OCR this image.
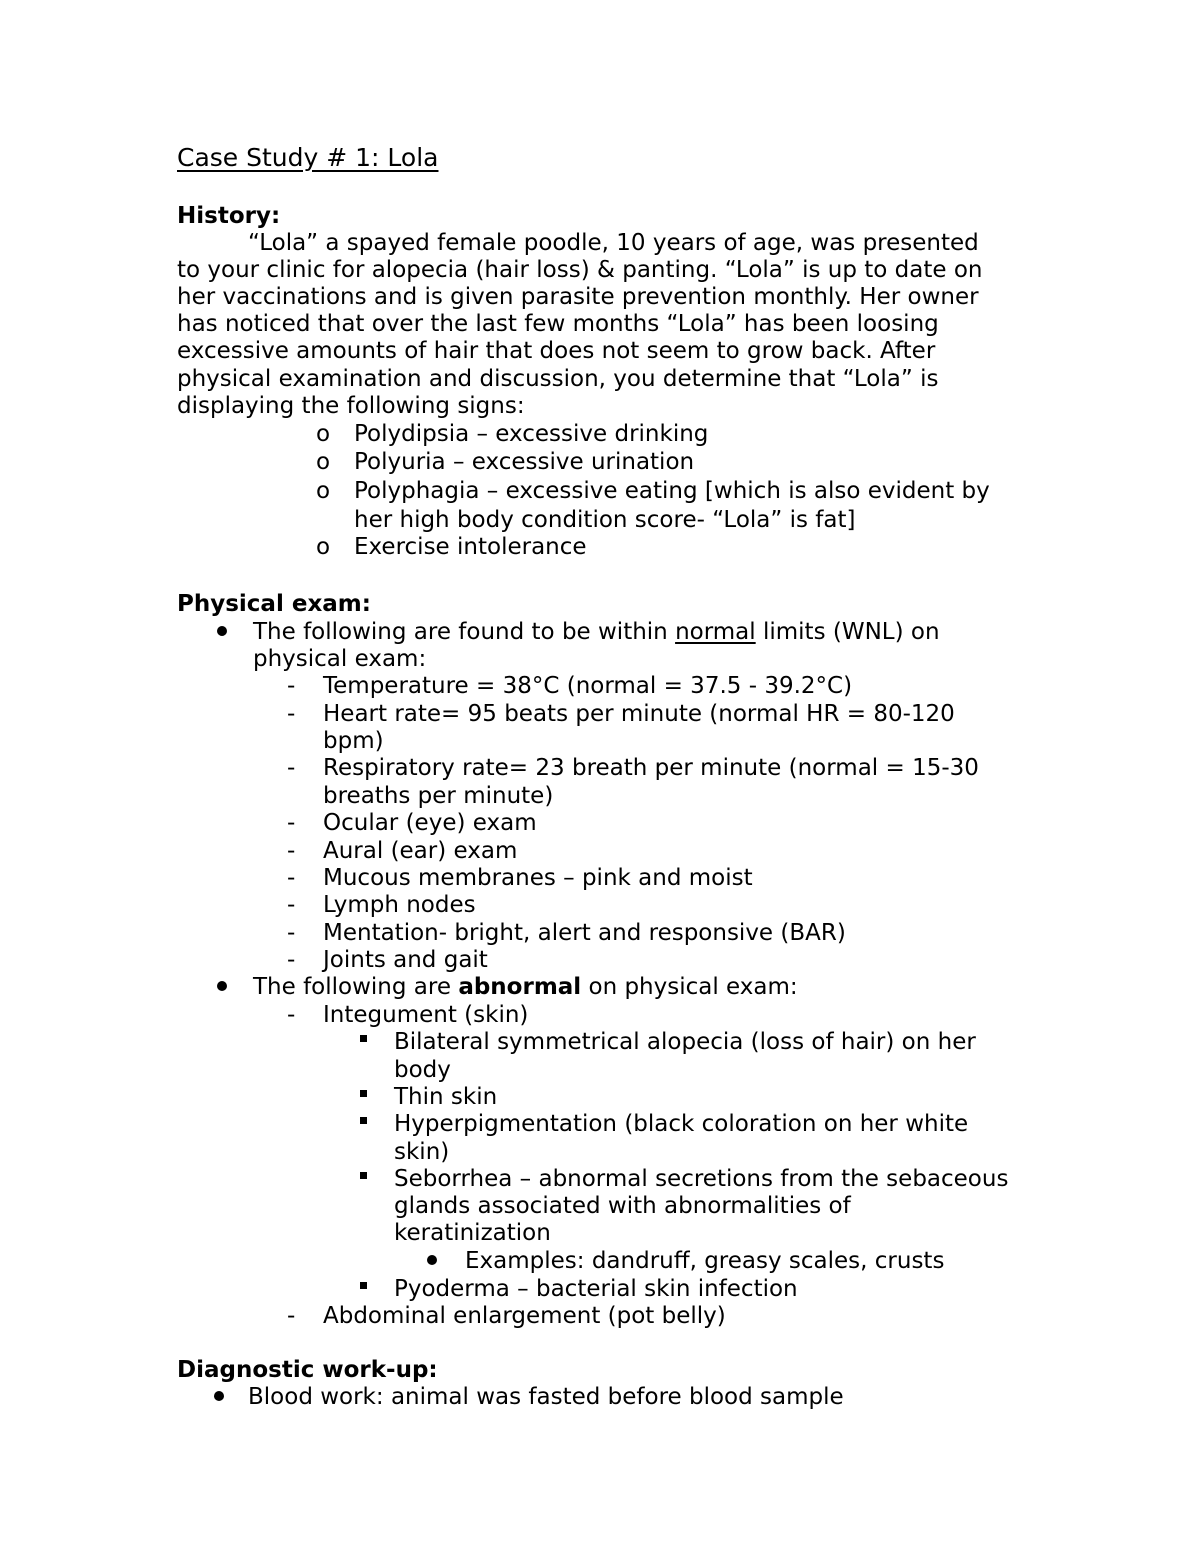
Case Study # 1: Lola
History:
“Lola” a spayed female poodle, 10 years of age, was presented
to your clinic for alopecia (hair loss) & panting. “Lola” is up to date on
her vaccinations and is given parasite prevention monthly. Her owner
has noticed that over the last few months “Lola” has been loosing
excessive amounts of hair that does not seem to grow back. After
physical examination and discussion, you determine that “Lola” is
displaying the following signs:
o Polydipsia – excessive drinking
o Polyuria – excessive urination
o Polyphagia – excessive eating [which is also evident by
her high body condition score- “Lola” is fat]
o Exercise intolerance
Physical exam:
The following are found to be within normal limits (WNL) on
physical exam:
- Temperature = 38°C (normal = 37.5 - 39.2°C)
- Heart rate= 95 beats per minute (normal HR = 80-120
bpm)
- Respiratory rate= 23 breath per minute (normal = 15-30
breaths per minute)
- Ocular (eye) exam
- Aural (ear) exam
- Mucous membranes – pink and moist
- Lymph nodes
- Mentation- bright, alert and responsive (BAR)
- Joints and gait
The following are abnormal on physical exam:
- Integument (skin)
Bilateral symmetrical alopecia (loss of hair) on her
body
Thin skin
Hyperpigmentation (black coloration on her white
skin)
Seborrhea – abnormal secretions from the sebaceous
glands associated with abnormalities of
keratinization
Examples: dandruff, greasy scales, crusts
Pyoderma – bacterial skin infection
- Abdominal enlargement (pot belly)
Diagnostic work-up:
Blood work: animal was fasted before blood sample
